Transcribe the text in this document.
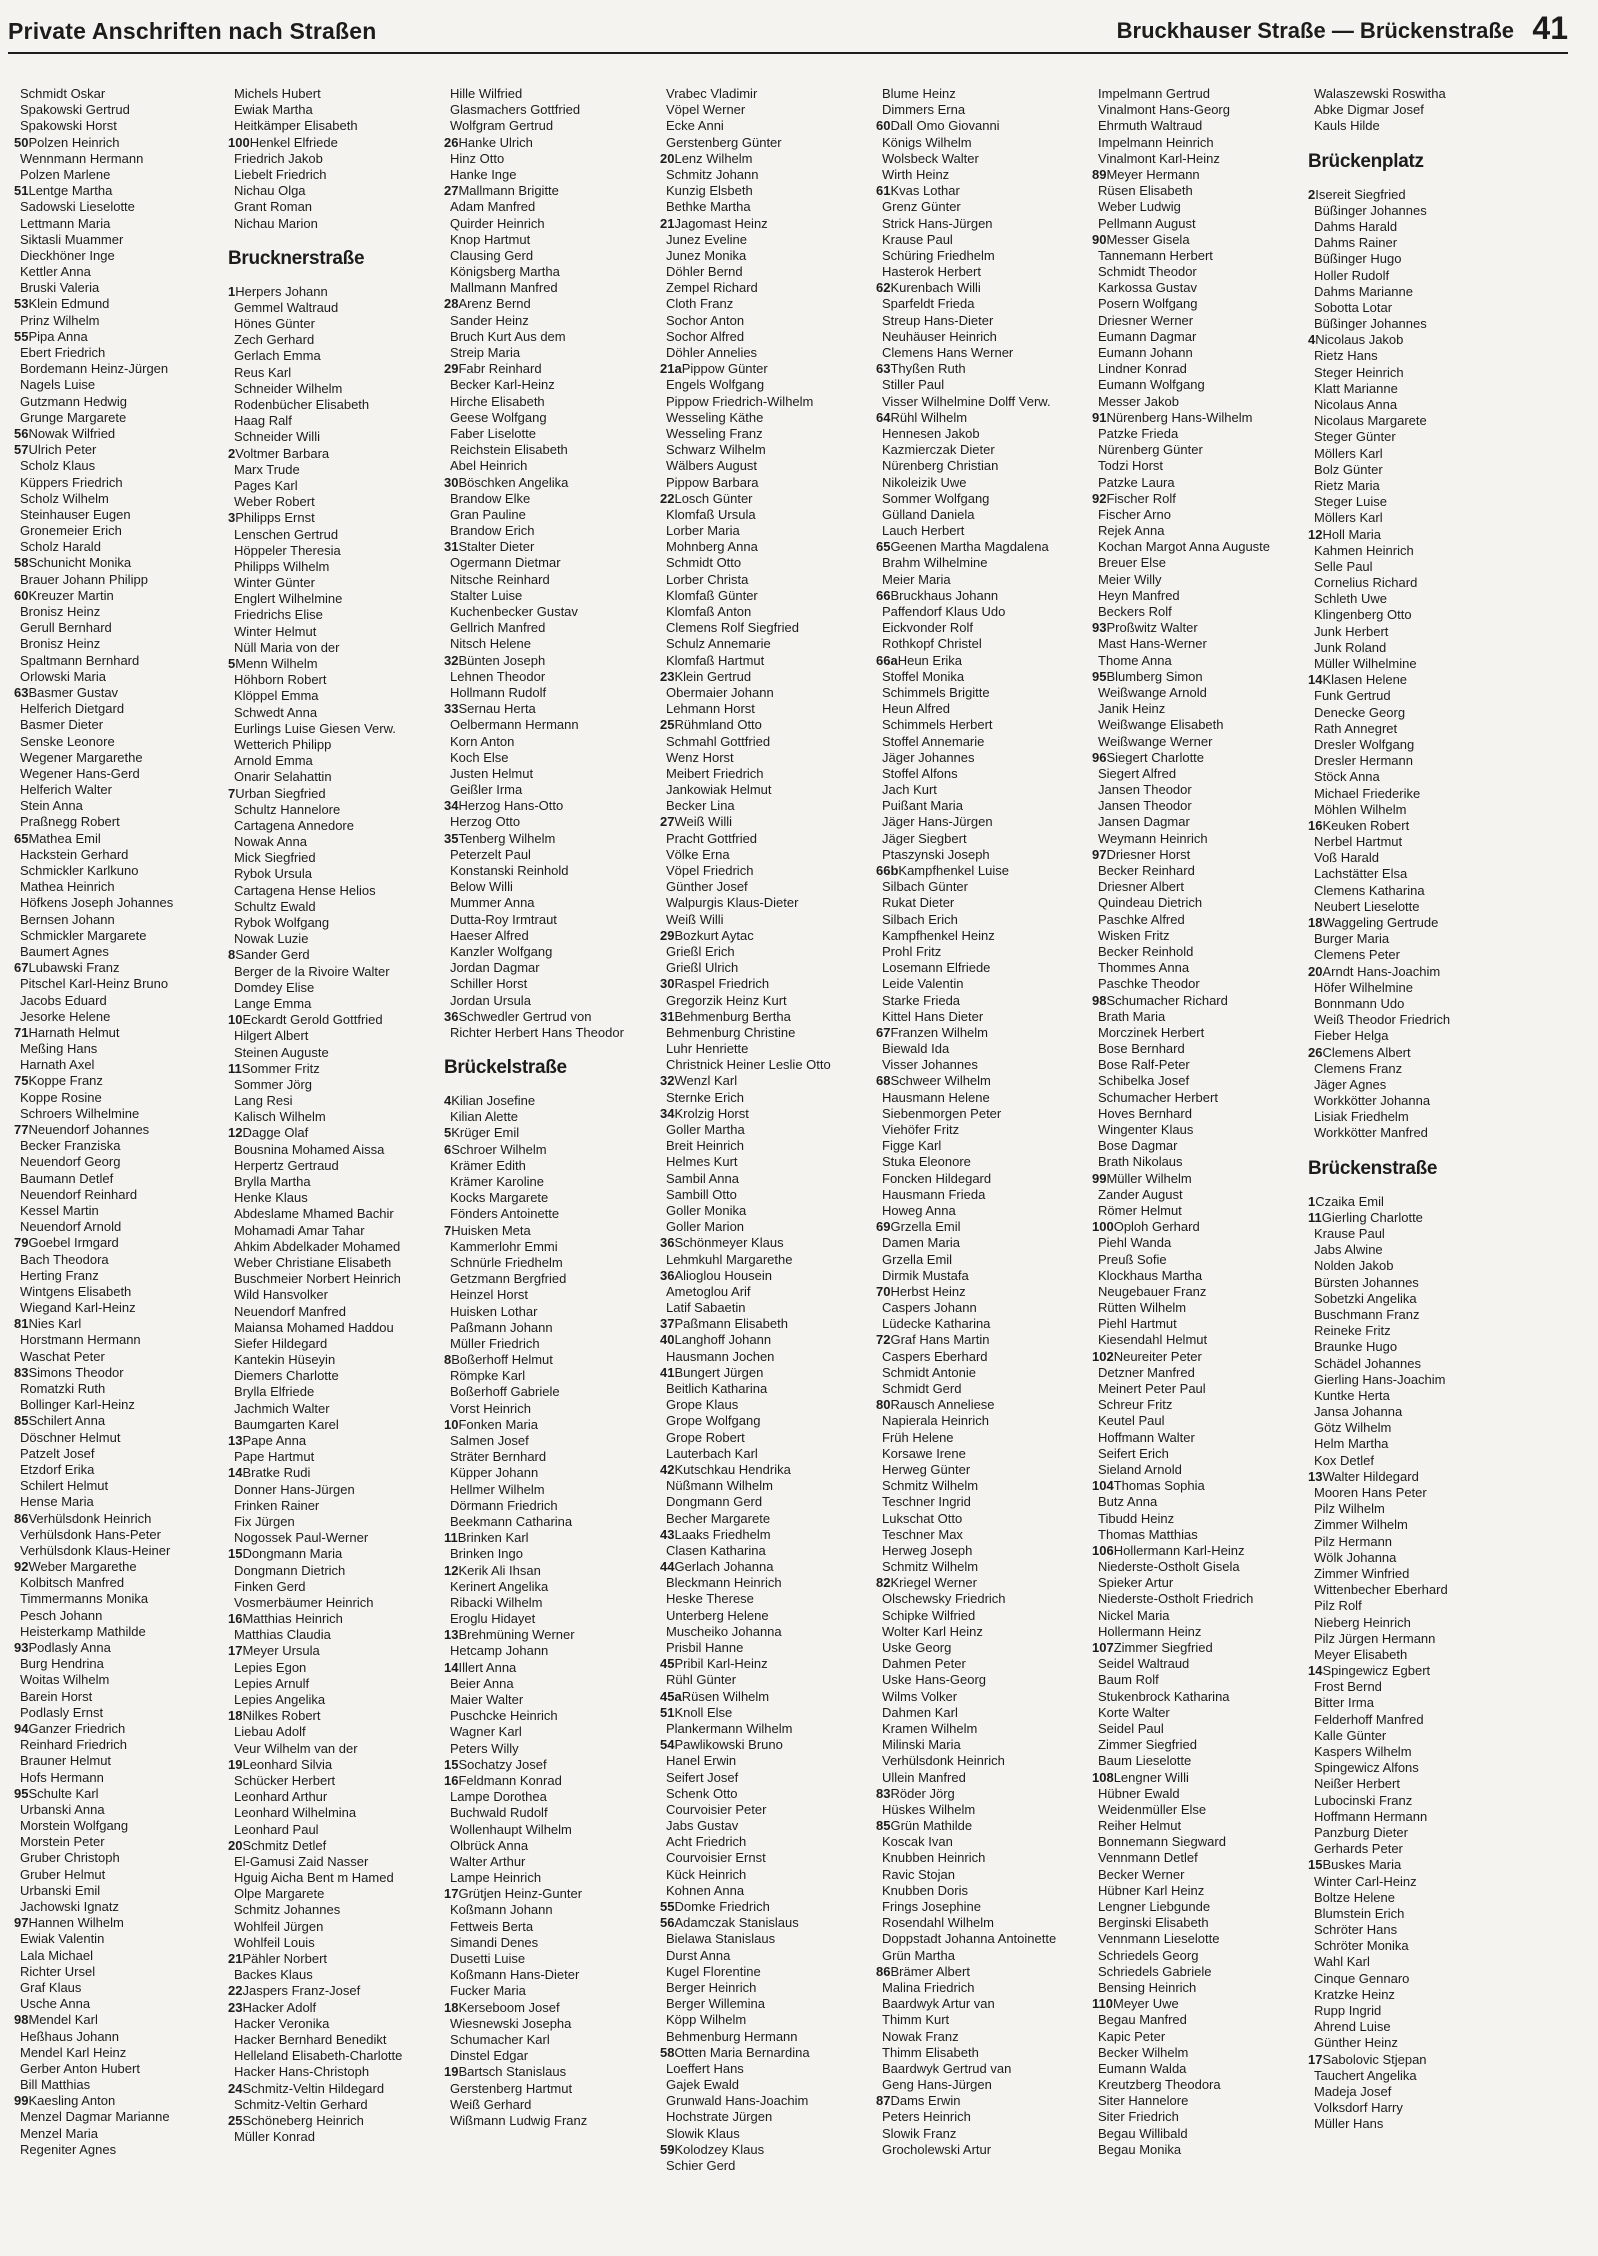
Private Anschriften nach Straßen	Bruckhauser Straße — Brückenstraße 41
Schmidt Oskar
Spakowski Gertrud
Spakowski Horst
50Polzen Heinrich
Wennmann Hermann
Polzen Marlene
51Lentge Martha
Sadowski Lieselotte
Lettmann Maria
Siktasli Muammer
Dieckhöner Inge
Kettler Anna
Bruski Valeria
53Klein Edmund
Prinz Wilhelm
55Pipa Anna
Ebert Friedrich
Bordemann Heinz-Jürgen
Nagels Luise
Gutzmann Hedwig
Grunge Margarete
56Nowak Wilfried
57Ulrich Peter
Scholz Klaus
Küppers Friedrich
Scholz Wilhelm
Steinhauser Eugen
Gronemeier Erich
Scholz Harald
58Schunicht Monika
Brauer Johann Philipp
60Kreuzer Martin
Bronisz Heinz
Gerull Bernhard
Bronisz Heinz
Spaltmann Bernhard
Orlowski Maria
63Basmer Gustav
Helferich Dietgard
Basmer Dieter
Senske Leonore
Wegener Margarethe
Wegener Hans-Gerd
Helferich Walter
Stein Anna
Praßnegg Robert
65Mathea Emil
Hackstein Gerhard
Schmickler Karlkuno
Mathea Heinrich
Höfkens Joseph Johannes
Bernsen Johann
Schmickler Margarete
Baumert Agnes
67Lubawski Franz
Pitschel Karl-Heinz Bruno
Jacobs Eduard
Jesorke Helene
71Harnath Helmut
Meßing Hans
Harnath Axel
75Koppe Franz
Koppe Rosine
Schroers Wilhelmine
77Neuendorf Johannes
Becker Franziska
Neuendorf Georg
Baumann Detlef
Neuendorf Reinhard
Kessel Martin
Neuendorf Arnold
79Goebel Irmgard
Bach Theodora
Herting Franz
Wintgens Elisabeth
Wiegand Karl-Heinz
81Nies Karl
Horstmann Hermann
Waschat Peter
83Simons Theodor
Romatzki Ruth
Bollinger Karl-Heinz
85Schilert Anna
Döschner Helmut
Patzelt Josef
Etzdorf Erika
Schilert Helmut
Hense Maria
86Verhülsdonk Heinrich
Verhülsdonk Hans-Peter
Verhülsdonk Klaus-Heiner
92Weber Margarethe
Kolbitsch Manfred
Timmermanns Monika
Pesch Johann
Heisterkamp Mathilde
93Podlasly Anna
Burg Hendrina
Woitas Wilhelm
Barein Horst
Podlasly Ernst
94Ganzer Friedrich
Reinhard Friedrich
Brauner Helmut
Hofs Hermann
95Schulte Karl
Urbanski Anna
Morstein Wolfgang
Morstein Peter
Gruber Christoph
Gruber Helmut
Urbanski Emil
Jachowski Ignatz
97Hannen Wilhelm
Ewiak Valentin
Lala Michael
Richter Ursel
Graf Klaus
Usche Anna
98Mendel Karl
Heßhaus Johann
Mendel Karl Heinz
Gerber Anton Hubert
Bill Matthias
99Kaesling Anton
Menzel Dagmar Marianne
Menzel Maria
Regeniter Agnes
Michels Hubert
Ewiak Martha
Heitkämper Elisabeth
100Henkel Elfriede
Friedrich Jakob
Liebelt Friedrich
Nichau Olga
Grant Roman
Nichau Marion
Brucknerstraße
1Herpers Johann
Gemmel Waltraud
Hönes Günter
Zech Gerhard
Gerlach Emma
Reus Karl
Schneider Wilhelm
Rodenbücher Elisabeth
Haag Ralf
Schneider Willi
2Voltmer Barbara
Marx Trude
Pages Karl
Weber Robert
3Philipps Ernst
Lenschen Gertrud
Höppeler Theresia
Philipps Wilhelm
Winter Günter
Englert Wilhelmine
Friedrichs Elise
Winter Helmut
Nüll Maria von der
5Menn Wilhelm
Höhborn Robert
Klöppel Emma
Schwedt Anna
Eurlings Luise Giesen Verw.
Wetterich Philipp
Arnold Emma
Onarir Selahattin
7Urban Siegfried
Schultz Hannelore
Cartagena Annedore
Nowak Anna
Mick Siegfried
Rybok Ursula
Cartagena Hense Helios
Schultz Ewald
Rybok Wolfgang
Nowak Luzie
8Sander Gerd
Berger de la Rivoire Walter
Domdey Elise
Lange Emma
10Eckardt Gerold Gottfried
Hilgert Albert
Steinen Auguste
11Sommer Fritz
Sommer Jörg
Lang Resi
Kalisch Wilhelm
12Dagge Olaf
Bousnina Mohamed Aissa
Herpertz Gertraud
Brylla Martha
Henke Klaus
Abdeslame Mhamed Bachir
Mohamadi Amar Tahar
Ahkim Abdelkader Mohamed
Weber Christiane Elisabeth
Buschmeier Norbert Heinrich
Wild Hansvolker
Neuendorf Manfred
Maiansa Mohamed Haddou
Siefer Hildegard
Kantekin Hüseyin
Diemers Charlotte
Brylla Elfriede
Jachmich Walter
Baumgarten Karel
13Pape Anna
Pape Hartmut
14Bratke Rudi
Donner Hans-Jürgen
Frinken Rainer
Fix Jürgen
Nogossek Paul-Werner
15Dongmann Maria
Dongmann Dietrich
Finken Gerd
Vosmerbäumer Heinrich
16Matthias Heinrich
Matthias Claudia
17Meyer Ursula
Lepies Egon
Lepies Arnulf
Lepies Angelika
18Nilkes Robert
Liebau Adolf
Veur Wilhelm van der
19Leonhard Silvia
Schücker Herbert
Leonhard Arthur
Leonhard Wilhelmina
Leonhard Paul
20Schmitz Detlef
El-Gamusi Zaid Nasser
Hguig Aicha Bent m Hamed
Olpe Margarete
Schmitz Johannes
Wohlfeil Jürgen
Wohlfeil Louis
21Pähler Norbert
Backes Klaus
22Jaspers Franz-Josef
23Hacker Adolf
Hacker Veronika
Hacker Bernhard Benedikt
Helleland Elisabeth-Charlotte
Hacker Hans-Christoph
24Schmitz-Veltin Hildegard
Schmitz-Veltin Gerhard
25Schöneberg Heinrich
Müller Konrad
Hille Wilfried
Glasmachers Gottfried
Wolfgram Gertrud
26Hanke Ulrich
Hinz Otto
Hanke Inge
27Mallmann Brigitte
Adam Manfred
Quirder Heinrich
Knop Hartmut
Clausing Gerd
Königsberg Martha
Mallmann Manfred
28Arenz Bernd
Sander Heinz
Bruch Kurt Aus dem
Streip Maria
29Fabr Reinhard
Becker Karl-Heinz
Hirche Elisabeth
Geese Wolfgang
Faber Liselotte
Reichstein Elisabeth
Abel Heinrich
30Böschken Angelika
Brandow Elke
Gran Pauline
Brandow Erich
31Stalter Dieter
Ogermann Dietmar
Nitsche Reinhard
Stalter Luise
Kuchenbecker Gustav
Gellrich Manfred
Nitsch Helene
32Bünten Joseph
Lehnen Theodor
Hollmann Rudolf
33Sernau Herta
Oelbermann Hermann
Korn Anton
Koch Else
Justen Helmut
Geißler Irma
34Herzog Hans-Otto
Herzog Otto
35Tenberg Wilhelm
Peterzelt Paul
Konstanski Reinhold
Below Willi
Mummer Anna
Dutta-Roy Irmtraut
Haeser Alfred
Kanzler Wolfgang
Jordan Dagmar
Schiller Horst
Jordan Ursula
36Schwedler Gertrud von
Richter Herbert Hans Theodor
Brückelstraße
4Kilian Josefine
Kilian Alette
5Krüger Emil
6Schroer Wilhelm
Krämer Edith
Krämer Karoline
Kocks Margarete
Fönders Antoinette
7Huisken Meta
Kammerlohr Emmi
Schnürle Friedhelm
Getzmann Bergfried
Heinzel Horst
Huisken Lothar
Paßmann Johann
Müller Friedrich
8Boßerhoff Helmut
Römpke Karl
Boßerhoff Gabriele
Vorst Heinrich
10Fonken Maria
Salmen Josef
Sträter Bernhard
Küpper Johann
Hellmer Wilhelm
Dörmann Friedrich
Beekmann Catharina
11Brinken Karl
Brinken Ingo
12Kerik Ali Ihsan
Kerinert Angelika
Ribacki Wilhelm
Eroglu Hidayet
13Brehmüning Werner
Hetcamp Johann
14Illert Anna
Beier Anna
Maier Walter
Puschcke Heinrich
Wagner Karl
Peters Willy
15Sochatzy Josef
16Feldmann Konrad
Lampe Dorothea
Buchwald Rudolf
Wollenhaupt Wilhelm
Olbrück Anna
Walter Arthur
Lampe Heinrich
17Grütjen Heinz-Gunter
Koßmann Johann
Fettweis Berta
Simandi Denes
Dusetti Luise
Koßmann Hans-Dieter
Fucker Maria
18Kerseboom Josef
Wiesnewski Josepha
Schumacher Karl
Dinstel Edgar
19Bartsch Stanislaus
Gerstenberg Hartmut
Weiß Gerhard
Wißmann Ludwig Franz
Vrabec Vladimir
Vöpel Werner
Ecke Anni
Gerstenberg Günter
20Lenz Wilhelm
Schmitz Johann
Kunzig Elsbeth
Bethke Martha
21Jagomast Heinz
Junez Eveline
Junez Monika
Döhler Bernd
Zempel Richard
Cloth Franz
Sochor Anton
Sochor Alfred
Döhler Annelies
21aPippow Günter
Engels Wolfgang
Pippow Friedrich-Wilhelm
Wesseling Käthe
Wesseling Franz
Schwarz Wilhelm
Wälbers August
Pippow Barbara
22Losch Günter
Klomfaß Ursula
Lorber Maria
Mohnberg Anna
Schmidt Otto
Lorber Christa
Klomfaß Günter
Klomfaß Anton
Clemens Rolf Siegfried
Schulz Annemarie
Klomfaß Hartmut
23Klein Gertrud
Obermaier Johann
Lehmann Horst
25Rühmland Otto
Schmahl Gottfried
Wenz Horst
Meibert Friedrich
Jankowiak Helmut
Becker Lina
27Weiß Willi
Pracht Gottfried
Völke Erna
Vöpel Friedrich
Günther Josef
Walpurgis Klaus-Dieter
Weiß Willi
29Bozkurt Aytac
Grießl Erich
Grießl Ulrich
30Raspel Friedrich
Gregorzik Heinz Kurt
31Behmenburg Bertha
Behmenburg Christine
Luhr Henriette
Christnick Heiner Leslie Otto
32Wenzl Karl
Sternke Erich
34Krolzig Horst
Goller Martha
Breit Heinrich
Helmes Kurt
Sambil Anna
Sambill Otto
Goller Monika
Goller Marion
36Schönmeyer Klaus
Lehmkuhl Margarethe
36Alioglou Housein
Ametoglou Arif
Latif Sabaetin
37Paßmann Elisabeth
40Langhoff Johann
Hausmann Jochen
41Bungert Jürgen
Beitlich Katharina
Grope Klaus
Grope Wolfgang
Grope Robert
Lauterbach Karl
42Kutschkau Hendrika
Nüßmann Wilhelm
Dongmann Gerd
Becher Margarete
43Laaks Friedhelm
Clasen Katharina
44Gerlach Johanna
Bleckmann Heinrich
Heske Therese
Unterberg Helene
Muscheiko Johanna
Prisbil Hanne
45Pribil Karl-Heinz
Rühl Günter
45aRüsen Wilhelm
51Knoll Else
Plankermann Wilhelm
54Pawlikowski Bruno
Hanel Erwin
Seifert Josef
Schenk Otto
Courvoisier Peter
Jabs Gustav
Acht Friedrich
Courvoisier Ernst
Kück Heinrich
Kohnen Anna
55Domke Friedrich
56Adamczak Stanislaus
Bielawa Stanislaus
Durst Anna
Kugel Florentine
Berger Heinrich
Berger Willemina
Köpp Wilhelm
Behmenburg Hermann
58Otten Maria Bernardina
Loeffert Hans
Gajek Ewald
Grunwald Hans-Joachim
Hochstrate Jürgen
Slowik Klaus
59Kolodzey Klaus
Schier Gerd
Blume Heinz
Dimmers Erna
60Dall Omo Giovanni
Königs Wilhelm
Wolsbeck Walter
Wirth Heinz
61Kvas Lothar
Grenz Günter
Strick Hans-Jürgen
Krause Paul
Schüring Friedhelm
Hasterok Herbert
62Kurenbach Willi
Sparfeldt Frieda
Streup Hans-Dieter
Neuhäuser Heinrich
Clemens Hans Werner
63Thyßen Ruth
Stiller Paul
Visser Wilhelmine Dolff Verw.
64Rühl Wilhelm
Hennesen Jakob
Kazmierczak Dieter
Nürenberg Christian
Nikoleizik Uwe
Sommer Wolfgang
Gülland Daniela
Lauch Herbert
65Geenen Martha Magdalena
Brahm Wilhelmine
Meier Maria
66Bruckhaus Johann
Paffendorf Klaus Udo
Eickvonder Rolf
Rothkopf Christel
66aHeun Erika
Stoffel Monika
Schimmels Brigitte
Heun Alfred
Schimmels Herbert
Stoffel Annemarie
Jäger Johannes
Stoffel Alfons
Jach Kurt
Puißant Maria
Jäger Hans-Jürgen
Jäger Siegbert
Ptaszynski Joseph
66bKampfhenkel Luise
Silbach Günter
Rukat Dieter
Silbach Erich
Kampfhenkel Heinz
Prohl Fritz
Losemann Elfriede
Leide Valentin
Starke Frieda
Kittel Hans Dieter
67Franzen Wilhelm
Biewald Ida
Visser Johannes
68Schweer Wilhelm
Hausmann Helene
Siebenmorgen Peter
Viehöfer Fritz
Figge Karl
Stuka Eleonore
Foncken Hildegard
Hausmann Frieda
Howeg Anna
69Grzella Emil
Damen Maria
Grzella Emil
Dirmik Mustafa
70Herbst Heinz
Caspers Johann
Lüdecke Katharina
72Graf Hans Martin
Caspers Eberhard
Schmidt Antonie
Schmidt Gerd
80Rausch Anneliese
Napierala Heinrich
Früh Helene
Korsawe Irene
Herweg Günter
Schmitz Wilhelm
Teschner Ingrid
Lukschat Otto
Teschner Max
Herweg Joseph
Schmitz Wilhelm
82Kriegel Werner
Olschewsky Friedrich
Schipke Wilfried
Wolter Karl Heinz
Uske Georg
Dahmen Peter
Uske Hans-Georg
Wilms Volker
Dahmen Karl
Kramen Wilhelm
Milinski Maria
Verhülsdonk Heinrich
Ullein Manfred
83Röder Jörg
Hüskes Wilhelm
85Grün Mathilde
Koscak Ivan
Knubben Heinrich
Ravic Stojan
Knubben Doris
Frings Josephine
Rosendahl Wilhelm
Doppstadt Johanna Antoinette
Grün Martha
86Brämer Albert
Malina Friedrich
Baardwyk Artur van
Thimm Kurt
Nowak Franz
Thimm Elisabeth
Baardwyk Gertrud van
Geng Hans-Jürgen
87Dams Erwin
Peters Heinrich
Slowik Franz
Grocholewski Artur
Impelmann Gertrud
Vinalmont Hans-Georg
Ehrmuth Waltraud
Impelmann Heinrich
Vinalmont Karl-Heinz
89Meyer Hermann
Rüsen Elisabeth
Weber Ludwig
Pellmann August
90Messer Gisela
Tannemann Herbert
Schmidt Theodor
Karkossa Gustav
Posern Wolfgang
Driesner Werner
Eumann Dagmar
Eumann Johann
Lindner Konrad
Eumann Wolfgang
Messer Jakob
91Nürenberg Hans-Wilhelm
Patzke Frieda
Nürenberg Günter
Todzi Horst
Patzke Laura
92Fischer Rolf
Fischer Arno
Rejek Anna
Kochan Margot Anna Auguste
Breuer Else
Meier Willy
Heyn Manfred
Beckers Rolf
93Proßwitz Walter
Mast Hans-Werner
Thome Anna
95Blumberg Simon
Weißwange Arnold
Janik Heinz
Weißwange Elisabeth
Weißwange Werner
96Siegert Charlotte
Siegert Alfred
Jansen Theodor
Jansen Theodor
Jansen Dagmar
Weymann Heinrich
97Driesner Horst
Becker Reinhard
Driesner Albert
Quindeau Dietrich
Paschke Alfred
Wisken Fritz
Becker Reinhold
Thommes Anna
Paschke Theodor
98Schumacher Richard
Brath Maria
Morczinek Herbert
Bose Bernhard
Bose Ralf-Peter
Schibelka Josef
Schumacher Herbert
Hoves Bernhard
Wingenter Klaus
Bose Dagmar
Brath Nikolaus
99Müller Wilhelm
Zander August
Römer Helmut
100Oploh Gerhard
Piehl Wanda
Preuß Sofie
Klockhaus Martha
Neugebauer Franz
Rütten Wilhelm
Piehl Hartmut
Kiesendahl Helmut
102Neureiter Peter
Detzner Manfred
Meinert Peter Paul
Schreur Fritz
Keutel Paul
Hoffmann Walter
Seifert Erich
Sieland Arnold
104Thomas Sophia
Butz Anna
Tibudd Heinz
Thomas Matthias
106Hollermann Karl-Heinz
Niederste-Ostholt Gisela
Spieker Artur
Niederste-Ostholt Friedrich
Nickel Maria
Hollermann Heinz
107Zimmer Siegfried
Seidel Waltraud
Baum Rolf
Stukenbrock Katharina
Korte Walter
Seidel Paul
Zimmer Siegfried
Baum Lieselotte
108Lengner Willi
Hübner Ewald
Weidenmüller Else
Reiher Helmut
Bonnemann Siegward
Vennmann Detlef
Becker Werner
Hübner Karl Heinz
Lengner Liebgunde
Berginski Elisabeth
Vennmann Lieselotte
Schriedels Georg
Schriedels Gabriele
Bensing Heinrich
110Meyer Uwe
Begau Manfred
Kapic Peter
Becker Wilhelm
Eumann Walda
Kreutzberg Theodora
Siter Hannelore
Siter Friedrich
Begau Willibald
Begau Monika
Walaszewski Roswitha
Abke Digmar Josef
Kauls Hilde
Brückenplatz
2Isereit Siegfried
Büßinger Johannes
Dahms Harald
Dahms Rainer
Büßinger Hugo
Holler Rudolf
Dahms Marianne
Sobotta Lotar
Büßinger Johannes
4Nicolaus Jakob
Rietz Hans
Steger Heinrich
Klatt Marianne
Nicolaus Anna
Nicolaus Margarete
Steger Günter
Möllers Karl
Bolz Günter
Rietz Maria
Steger Luise
Möllers Karl
12Holl Maria
Kahmen Heinrich
Selle Paul
Cornelius Richard
Schleth Uwe
Klingenberg Otto
Junk Herbert
Junk Roland
Müller Wilhelmine
14Klasen Helene
Funk Gertrud
Denecke Georg
Rath Annegret
Dresler Wolfgang
Dresler Hermann
Stöck Anna
Michael Friederike
Möhlen Wilhelm
16Keuken Robert
Nerbel Hartmut
Voß Harald
Lachstätter Elsa
Clemens Katharina
Neubert Lieselotte
18Waggeling Gertrude
Burger Maria
Clemens Peter
20Arndt Hans-Joachim
Höfer Wilhelmine
Bonnmann Udo
Weiß Theodor Friedrich
Fieber Helga
26Clemens Albert
Clemens Franz
Jäger Agnes
Workkötter Johanna
Lisiak Friedhelm
Workkötter Manfred
Brückenstraße
1Czaika Emil
11Gierling Charlotte
Krause Paul
Jabs Alwine
Nolden Jakob
Bürsten Johannes
Sobetzki Angelika
Buschmann Franz
Reineke Fritz
Braunke Hugo
Schädel Johannes
Gierling Hans-Joachim
Kuntke Herta
Jansa Johanna
Götz Wilhelm
Helm Martha
Kox Detlef
13Walter Hildegard
Mooren Hans Peter
Pilz Wilhelm
Zimmer Wilhelm
Pilz Hermann
Wölk Johanna
Zimmer Winfried
Wittenbecher Eberhard
Pilz Rolf
Nieberg Heinrich
Pilz Jürgen Hermann
Meyer Elisabeth
14Spingewicz Egbert
Frost Bernd
Bitter Irma
Felderhoff Manfred
Kalle Günter
Kaspers Wilhelm
Spingewicz Alfons
Neißer Herbert
Lubocinski Franz
Hoffmann Hermann
Panzburg Dieter
Gerhards Peter
15Buskes Maria
Winter Carl-Heinz
Boltze Helene
Blumstein Erich
Schröter Hans
Schröter Monika
Wahl Karl
Cinque Gennaro
Kratzke Heinz
Rupp Ingrid
Ahrend Luise
Günther Heinz
17Sabolovic Stjepan
Tauchert Angelika
Madeja Josef
Volksdorf Harry
Müller Hans
